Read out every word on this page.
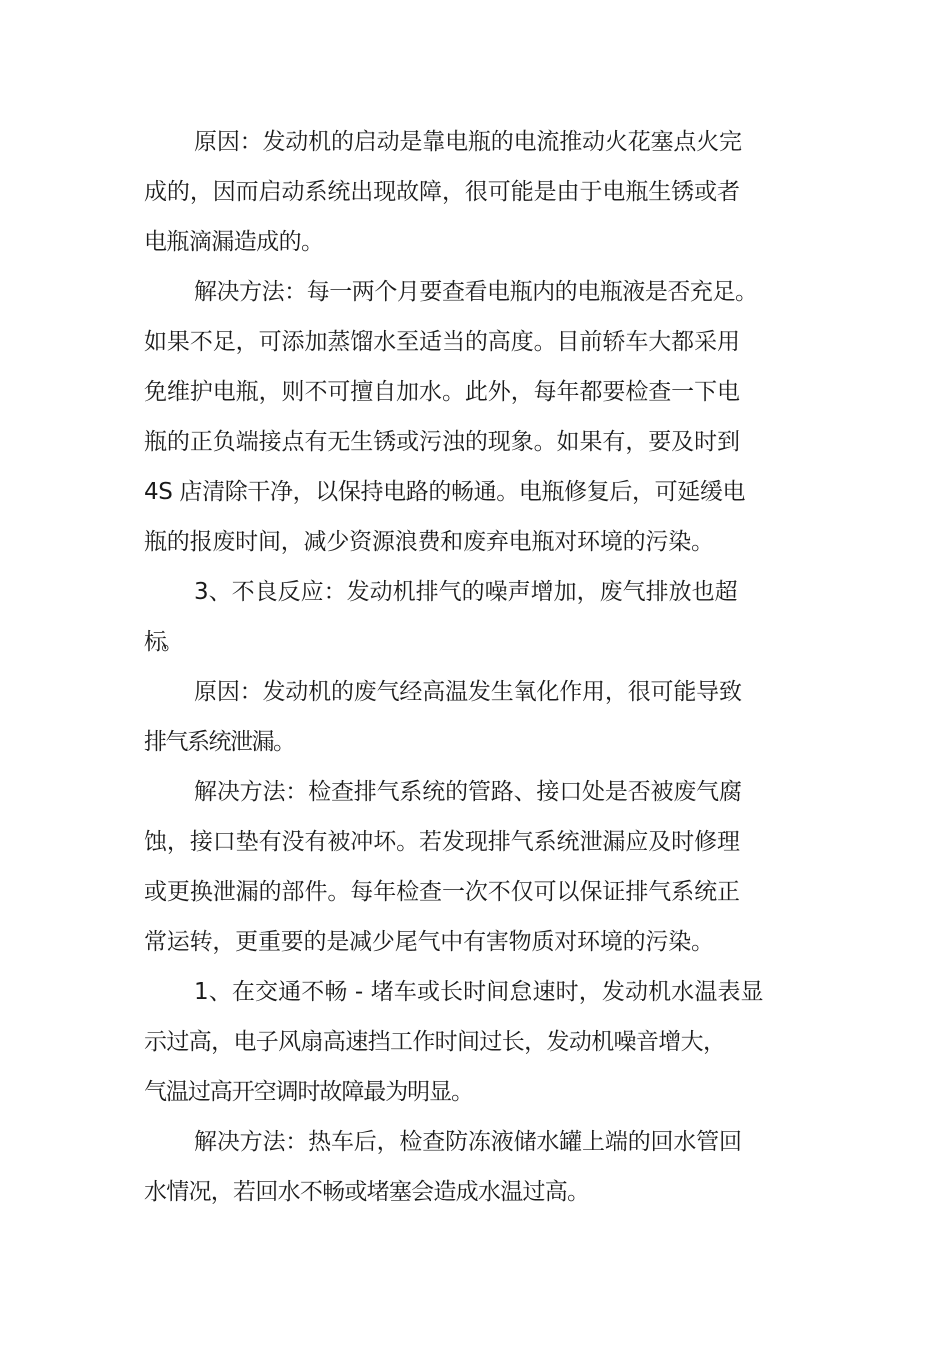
原因：发动机的启动是靠电瓶的电流推动火花塞点火完

成的，因而启动系统出现故障，很可能是由于电瓶生锈或者

电瓶滴漏造成的。

解决方法：每一两个月要查看电瓶内的电瓶液是否充足。

如果不足，可添加蒸馏水至适当的高度。目前轿车大都采用

免维护电瓶，则不可擅自加水。此外，每年都要检查一下电

瓶的正负端接点有无生锈或污浊的现象。如果有，要及时到

4S 店清除干净，以保持电路的畅通。电瓶修复后，可延缓电

瓶的报废时间，减少资源浪费和废弃电瓶对环境的污染。

3、不良反应：发动机排气的噪声增加，废气排放也超

标。

原因：发动机的废气经高温发生氧化作用，很可能导致

排气系统泄漏。

解决方法：检查排气系统的管路、接口处是否被废气腐

蚀，接口垫有没有被冲坏。若发现排气系统泄漏应及时修理

或更换泄漏的部件。每年检查一次不仅可以保证排气系统正

常运转，更重要的是减少尾气中有害物质对环境的污染。

1、在交通不畅 - 堵车或长时间怠速时，发动机水温表显

示过高，电子风扇高速挡工作时间过长，发动机噪音增大，

气温过高开空调时故障最为明显。

解决方法：热车后，检查防冻液储水罐上端的回水管回

水情况，若回水不畅或堵塞会造成水温过高。
